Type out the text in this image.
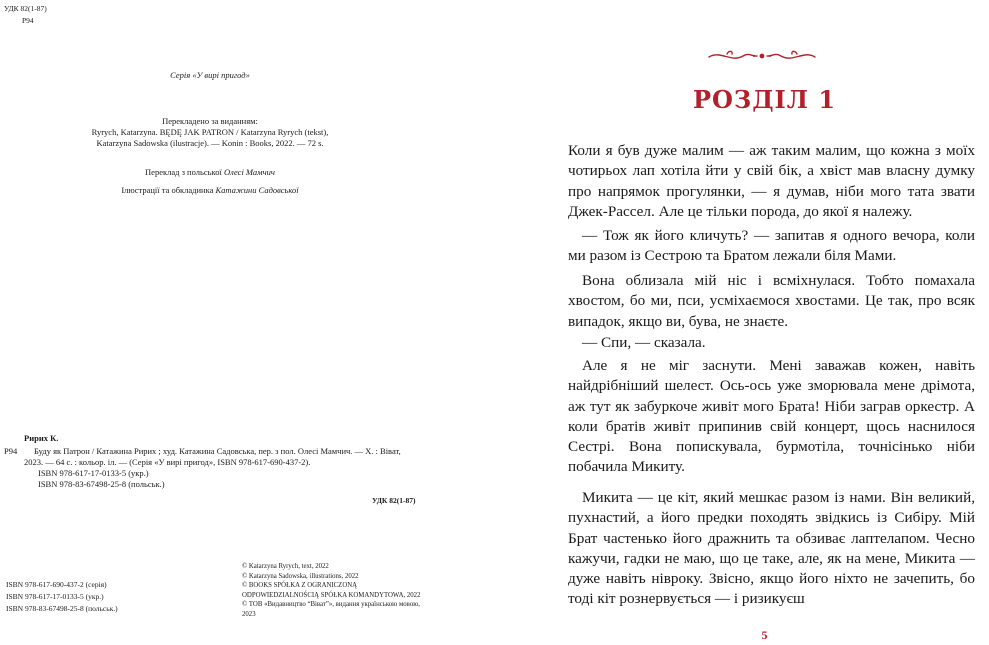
УДК 82(1-87)
Р94
Серія «У вирі пригод»
Перекладено за виданням:
Ryrych, Katarzyna. BĘDĘ JAK PATRON / Katarzyna Ryrych (tekst),
Katarzyna Sadowska (ilustracje). — Konin : Books, 2022. — 72 s.
Переклад з польської Олесі Мамчич
Ілюстрації та обкладинка Катажини Садовської
Ририх К.
Р94	Буду як Патрон / Катажина Ририх ; худ. Катажина Садовська, пер. з пол. Олесі Мамчич. — Х. : Віват,
2023. — 64 с. : кольор. іл. — (Серія «У вирі пригод», ISBN 978-617-690-437-2).
ISBN 978-617-17-0133-5 (укр.)
ISBN 978-83-67498-25-8 (польськ.)
УДК 82(1-87)
ISBN 978-617-690-437-2 (серія)
ISBN 978-617-17-0133-5 (укр.)
ISBN 978-83-67498-25-8 (польськ.)
© Katarzyna Ryrych, text, 2022
© Katarzyna Sadowska, illustrations, 2022
© BOOKS SPÓŁKA Z OGRANICZONĄ ODPOWIEDZIALNOŚCIĄ SPÓŁKA KOMANDYTOWA, 2022
© ТОВ «Видавництво “Віват”», видання українською мовою, 2023
РОЗДІЛ 1
Коли я був дуже малим — аж таким малим, що кожна з моїх чотирьох лап хотіла йти у свій бік, а хвіст мав власну думку про напрямок прогулянки, — я думав, ніби мого тата звати Джек-Рассел. Але це тільки порода, до якої я належу.
— Тож як його кличуть? — запитав я одного вечора, коли ми разом із Сестрою та Братом лежали біля Мами.
Вона облизала мій ніс і всміхнулася. Тобто помахала хвостом, бо ми, пси, усміхаємося хвостами. Це так, про всяк випадок, якщо ви, бува, не знаєте.
— Спи, — сказала.
Але я не міг заснути. Мені заважав кожен, навіть найдрібніший шелест. Ось-ось уже зморювала мене дрімота, аж тут як забуркоче живіт мого Брата! Ніби заграв оркестр. А коли братів живіт припинив свій концерт, щось наснилося Сестрі. Вона попискувала, бурмотіла, точнісінько ніби побачила Микиту.
Микита — це кіт, який мешкає разом із нами. Він великий, пухнастий, а його предки походять звідкись із Сибіру. Мій Брат частенько його дражнить та обзиває лаптелапом. Чесно кажучи, гадки не маю, що це таке, але, як на мене, Микита — дуже навіть нівроку. Звісно, якщо його ніхто не зачепить, бо тоді кіт рознервується — і ризикуєш
5
